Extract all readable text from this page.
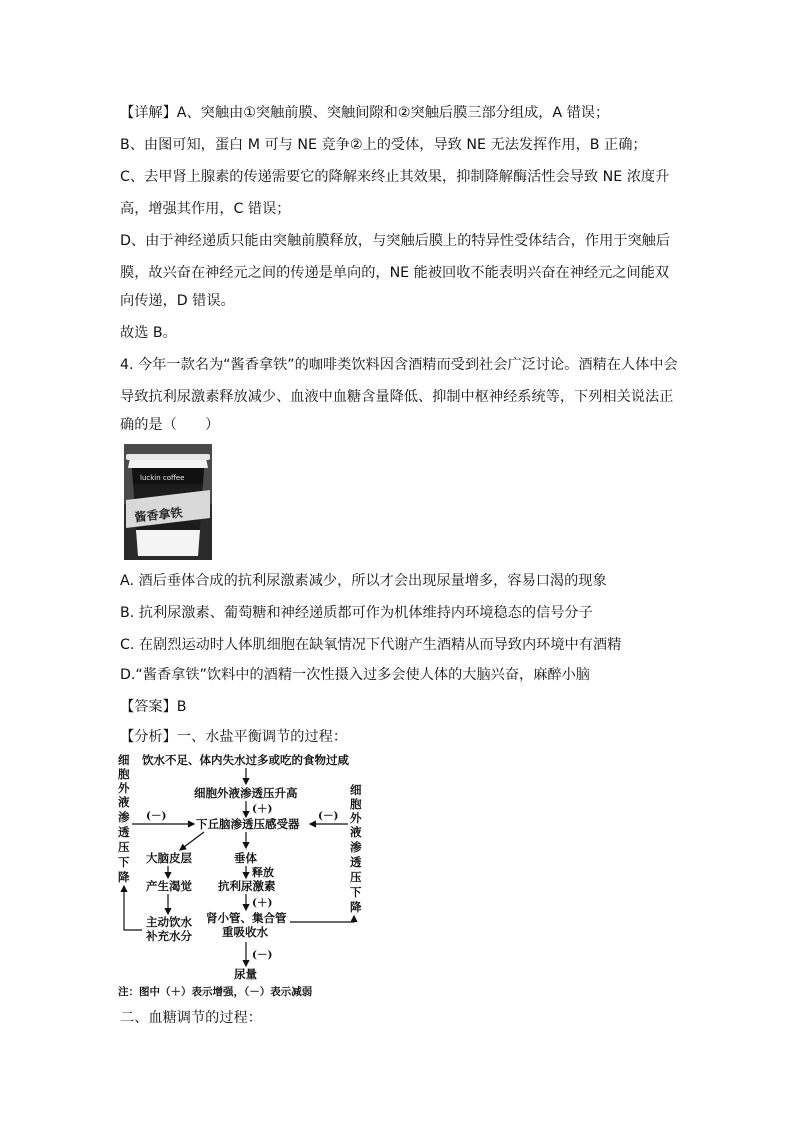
【详解】A、突触由①突触前膜、突触间隙和②突触后膜三部分组成，A 错误；
B、由图可知，蛋白 M 可与 NE 竞争②上的受体，导致 NE 无法发挥作用，B 正确；
C、去甲肾上腺素的传递需要它的降解来终止其效果，抑制降解酶活性会导致 NE 浓度升
高，增强其作用，C 错误；
D、由于神经递质只能由突触前膜释放，与突触后膜上的特异性受体结合，作用于突触后
膜，故兴奋在神经元之间的传递是单向的，NE 能被回收不能表明兴奋在神经元之间能双
向传递，D 错误。
故选 B。
4. 今年一款名为“酱香拿铁”的咖啡类饮料因含酒精而受到社会广泛讨论。酒精在人体中会
导致抗利尿激素释放减少、血液中血糖含量降低、抑制中枢神经系统等，下列相关说法正
确的是（　　）
luckin coffee
酱香拿铁
A. 酒后垂体合成的抗利尿激素减少，所以才会出现尿量增多，容易口渴的现象
B. 抗利尿激素、葡萄糖和神经递质都可作为机体维持内环境稳态的信号分子
C. 在剧烈运动时人体肌细胞在缺氧情况下代谢产生酒精从而导致内环境中有酒精
D.“酱香拿铁”饮料中的酒精一次性摄入过多会使人体的大脑兴奋，麻醉小脑
【答案】B
【分析】一、水盐平衡调节的过程：
饮水不足、体内失水过多或吃的食物过咸
细胞外液渗透压升高
(＋)
下丘脑渗透压感受器
细
胞
外
液
渗
透
压
下
降
细
胞
外
液
渗
透
压
下
降
(－)	(－)
大脑皮层
产生渴觉
主动饮水
补充水分
垂体
释放
抗利尿激素
(＋)
肾小管、集合管
重吸收水
(－)
尿量
注：图中（＋）表示增强，（－）表示减弱
二、血糖调节的过程：
